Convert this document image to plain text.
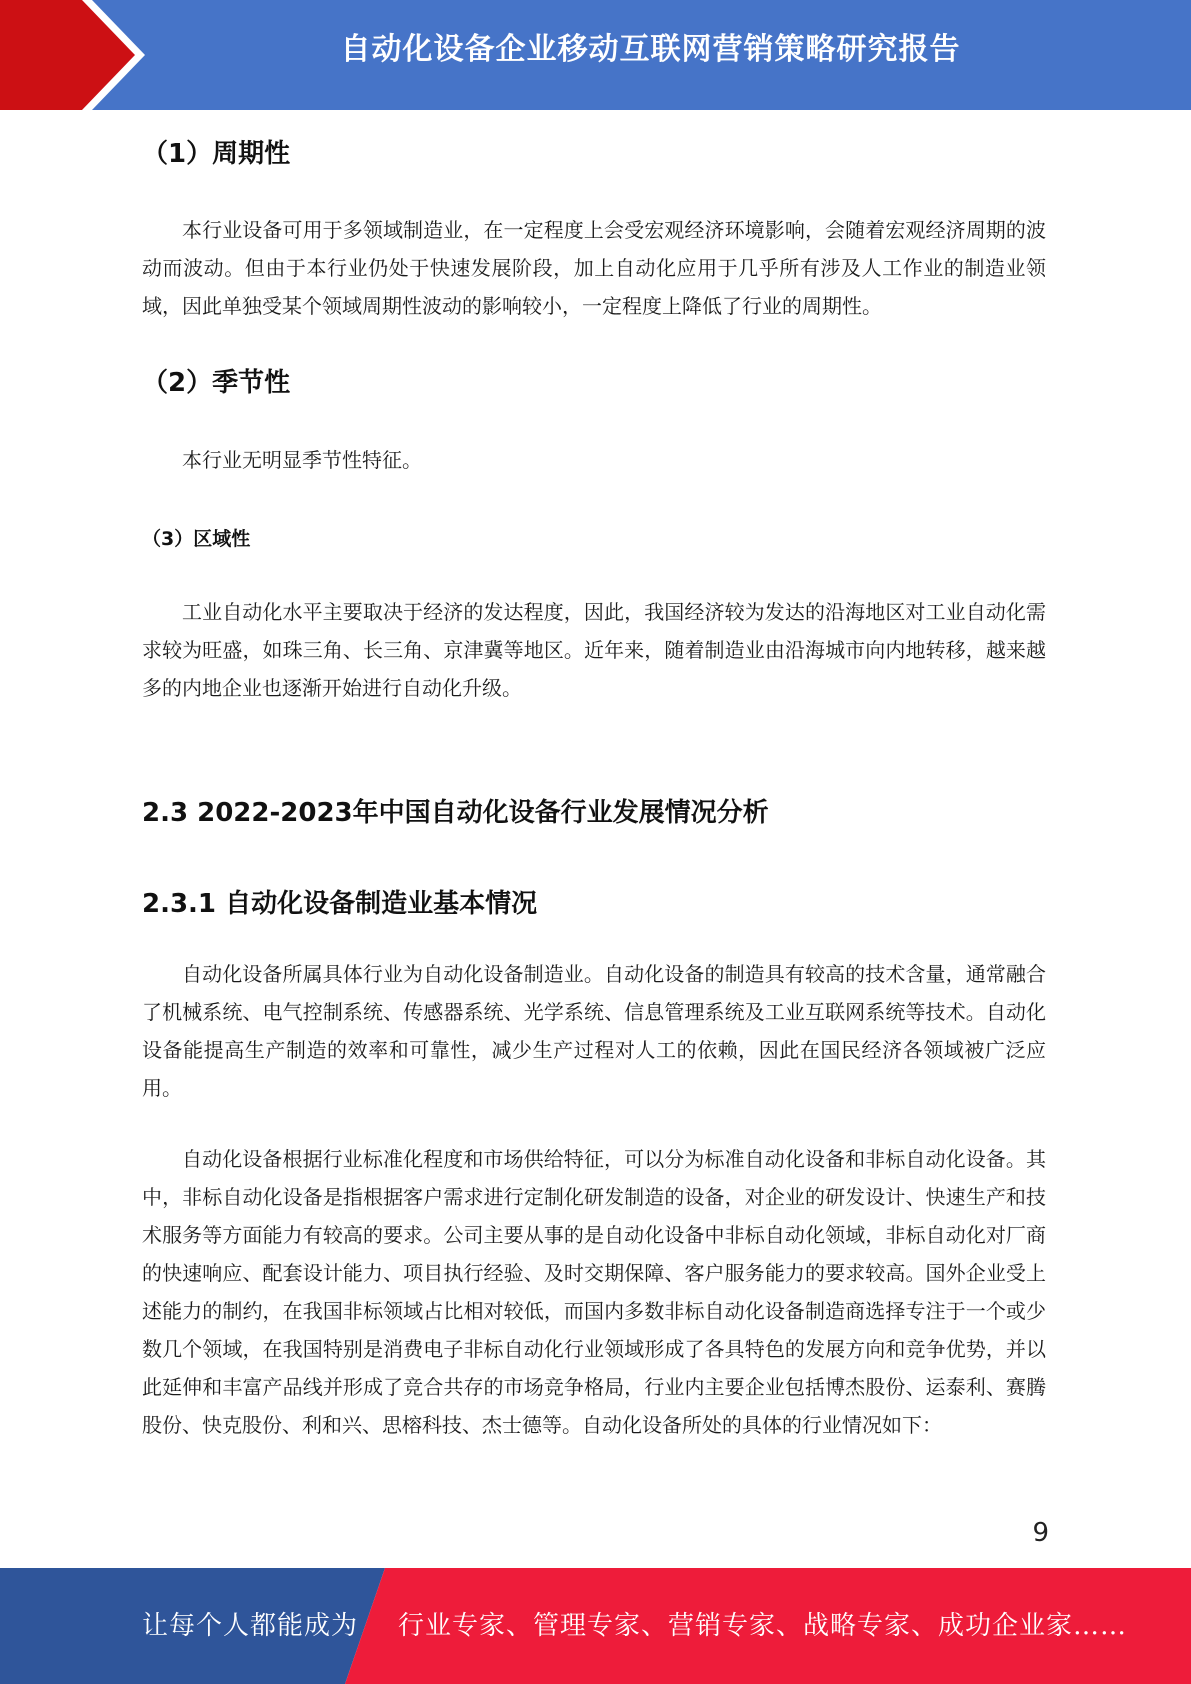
自动化设备企业移动互联网营销策略研究报告
（1）周期性

本行业设备可用于多领域制造业，在一定程度上会受宏观经济环境影响，会随着宏观经济周期的波动而波动。但由于本行业仍处于快速发展阶段，加上自动化应用于几乎所有涉及人工作业的制造业领域，因此单独受某个领域周期性波动的影响较小，一定程度上降低了行业的周期性。

（2）季节性

本行业无明显季节性特征。

（3）区域性

工业自动化水平主要取决于经济的发达程度，因此，我国经济较为发达的沿海地区对工业自动化需求较为旺盛，如珠三角、长三角、京津冀等地区。近年来，随着制造业由沿海城市向内地转移，越来越多的内地企业也逐渐开始进行自动化升级。

2.3 2022-2023年中国自动化设备行业发展情况分析
2.3.1 自动化设备制造业基本情况

自动化设备所属具体行业为自动化设备制造业。自动化设备的制造具有较高的技术含量，通常融合了机械系统、电气控制系统、传感器系统、光学系统、信息管理系统及工业互联网系统等技术。自动化设备能提高生产制造的效率和可靠性，减少生产过程对人工的依赖，因此在国民经济各领域被广泛应用。

自动化设备根据行业标准化程度和市场供给特征，可以分为标准自动化设备和非标自动化设备。其中，非标自动化设备是指根据客户需求进行定制化研发制造的设备，对企业的研发设计、快速生产和技术服务等方面能力有较高的要求。公司主要从事的是自动化设备中非标自动化领域，非标自动化对厂商的快速响应、配套设计能力、项目执行经验、及时交期保障、客户服务能力的要求较高。国外企业受上述能力的制约，在我国非标领域占比相对较低，而国内多数非标自动化设备制造商选择专注于一个或少数几个领域，在我国特别是消费电子非标自动化行业领域形成了各具特色的发展方向和竞争优势，并以此延伸和丰富产品线并形成了竞合共存的市场竞争格局，行业内主要企业包括博杰股份、运泰利、赛腾股份、快克股份、利和兴、思榕科技、杰士德等。自动化设备所处的具体的行业情况如下：

9
让每个人都能成为 行业专家、管理专家、营销专家、战略专家、成功企业家……
